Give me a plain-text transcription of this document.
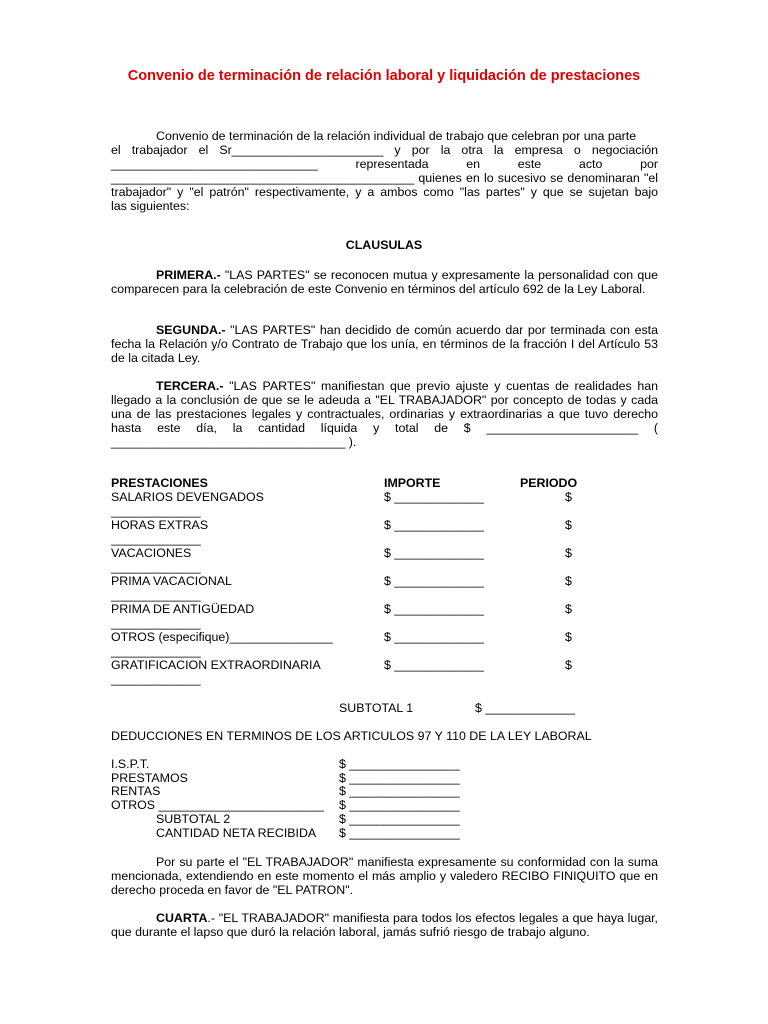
Convenio de terminación de relación laboral y liquidación de prestaciones
Convenio de terminación de la relación individual de trabajo que celebran por una parte
el trabajador el Sr______________________ y por la otra la empresa o negociación
______________________________ representada en este acto por
____________________________________________ quienes en lo sucesivo se denominaran "el
trabajador" y "el patrón" respectivamente, y a ambos como "las partes" y que se sujetan bajo
las siguientes:
CLAUSULAS
PRIMERA.- "LAS PARTES" se reconocen mutua y expresamente la personalidad con que comparecen para la celebración de este Convenio en términos del artículo 692 de la Ley Laboral.
SEGUNDA.- "LAS PARTES" han decidido de común acuerdo dar por terminada con esta fecha la Relación y/o Contrato de Trabajo que los unía, en términos de la fracción I del Artículo 53 de la citada Ley.
TERCERA.- "LAS PARTES" manifiestan que previo ajuste y cuentas de realidades han llegado a la conclusión de que se le adeuda a "EL TRABAJADOR" por concepto de todas y cada una de las prestaciones legales y contractuales, ordinarias y extraordinarias a que tuvo derecho hasta este día, la cantidad líquida y total de $ ______________________ ( __________________________________ ).
PRESTACIONES	IMPORTE	PERIODO
SALARIOS DEVENGADOS	$ _____________	$
_____________
HORAS EXTRAS	$ _____________	$
_____________
VACACIONES	$ _____________	$
_____________
PRIMA VACACIONAL	$ _____________	$
_____________
PRIMA DE ANTIGÜEDAD	$ _____________	$
_____________
OTROS (especifique)_______________	$ _____________	$
_____________
GRATIFICACION EXTRAORDINARIA	$ _____________	$
_____________
SUBTOTAL 1	$ _____________
DEDUCCIONES EN TERMINOS DE LOS ARTICULOS 97 Y 110 DE LA LEY LABORAL
I.S.P.T.	$ ________________
PRESTAMOS	$ ________________
RENTAS	$ ________________
OTROS ________________________ $ ________________
SUBTOTAL 2	$ ________________
CANTIDAD NETA RECIBIDA $ ________________
Por su parte el "EL TRABAJADOR" manifiesta expresamente su conformidad con la suma mencionada, extendiendo en este momento el más amplio y valedero RECIBO FINIQUITO que en derecho proceda en favor de "EL PATRON".
CUARTA.- "EL TRABAJADOR" manifiesta para todos los efectos legales a que haya lugar, que durante el lapso que duró la relación laboral, jamás sufrió riesgo de trabajo alguno.
